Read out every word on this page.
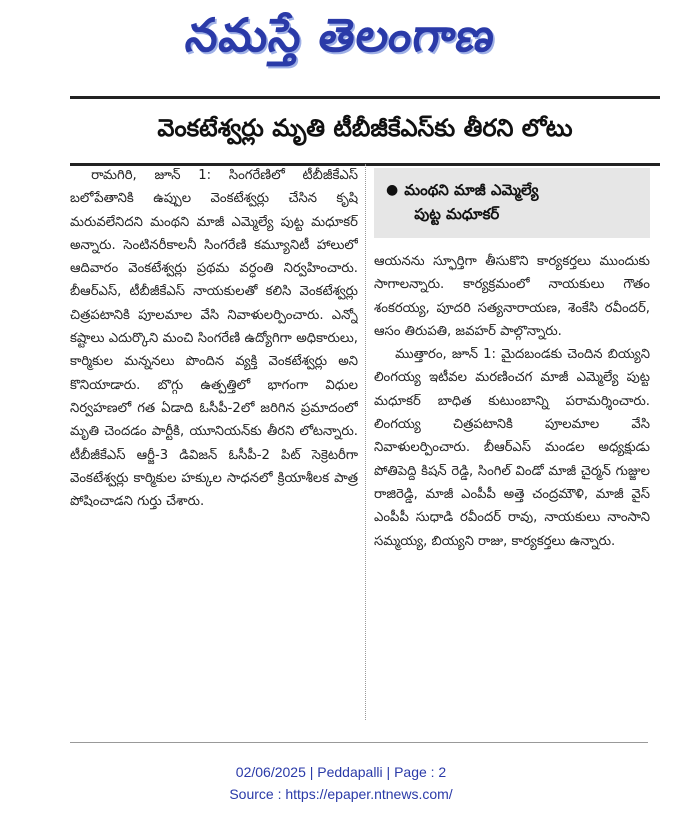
నమస్తే తెలంగాణ
వెంకటేశ్వర్లు మృతి టీబీజీకేఎస్‌కు తీరని లోటు

రామగిరి, జూన్‌ 1: సింగరేణిలో టీబీజీకేఎస్‌ బలోపేతానికి ఉప్పుల వెంకటేశ్వర్లు చేసిన కృషి మరువలేనిదని మంథని మాజీ ఎమ్మెల్యే పుట్ట మధూకర్‌ అన్నారు. సెంటినరీకాలనీ సింగరేణి కమ్యూనిటీ హాలులో ఆదివారం వెంకటేశ్వర్లు ప్రథమ వర్ధంతి నిర్వహించారు. బీఆర్‌ఎస్‌, టీబీజీకేఎస్‌ నాయకులతో కలిసి వెంకటేశ్వర్లు చిత్రపటానికి పూలమాల వేసి నివాళులర్పించారు. ఎన్నో కష్టాలు ఎదుర్కొని మంచి సింగరేణి ఉద్యోగిగా అధికారులు, కార్మికుల మన్ననలు పొందిన వ్యక్తి వెంకటేశ్వర్లు అని కొనియాడారు. బొగ్గు ఉత్పత్తిలో భాగంగా విధుల నిర్వహణలో గత ఏడాది ఓసీపీ-2లో జరిగిన ప్రమాదంలో మృతి చెందడం పార్టీకి, యూనియన్‌కు తీరని లోటన్నారు. టీబీజీకేఎస్‌ ఆర్జీ-3 డివిజన్‌ ఓసీపీ-2 పిట్‌ సెక్రెటరీగా వెంకటేశ్వర్లు కార్మికుల హక్కుల సాధనలో క్రియాశీలక పాత్ర పోషించాడని గుర్తు చేశారు.

● మంథని మాజీ ఎమ్మెల్యే
పుట్ట మధూకర్

ఆయనను స్ఫూర్తిగా తీసుకొని కార్యకర్తలు ముందుకు సాగాలన్నారు. కార్యక్రమంలో నాయకులు గౌతం శంకరయ్య, పూదరి సత్యనారాయణ, శెంకేసి రవీందర్‌, ఆసం తిరుపతి, జవహర్‌ పాల్గొన్నారు.

ముత్తారం, జూన్‌ 1: మైదబండకు చెందిన బియ్యని లింగయ్య ఇటీవల మరణించగ మాజీ ఎమ్మెల్యే పుట్ట మధూకర్‌ బాధిత కుటుంబాన్ని పరామర్శించారు. లింగయ్య చిత్రపటానికి పూలమాల వేసి నివాళులర్పించారు. బీఆర్‌ఎస్‌ మండల అధ్యక్షుడు పోతిపెద్ది కిషన్‌ రెడ్డి, సింగిల్‌ విండో మాజీ చైర్మన్‌ గుజ్జుల రాజిరెడ్డి, మాజీ ఎంపీపీ అత్తె చంద్రమౌళి, మాజీ వైస్‌ ఎంపీపీ సుధాడి రవీందర్‌ రావు, నాయకులు నాంసాని సమ్మయ్య, బియ్యని రాజు, కార్యకర్తలు ఉన్నారు.

02/06/2025 | Peddapalli | Page : 2
Source : https://epaper.ntnews.com/
